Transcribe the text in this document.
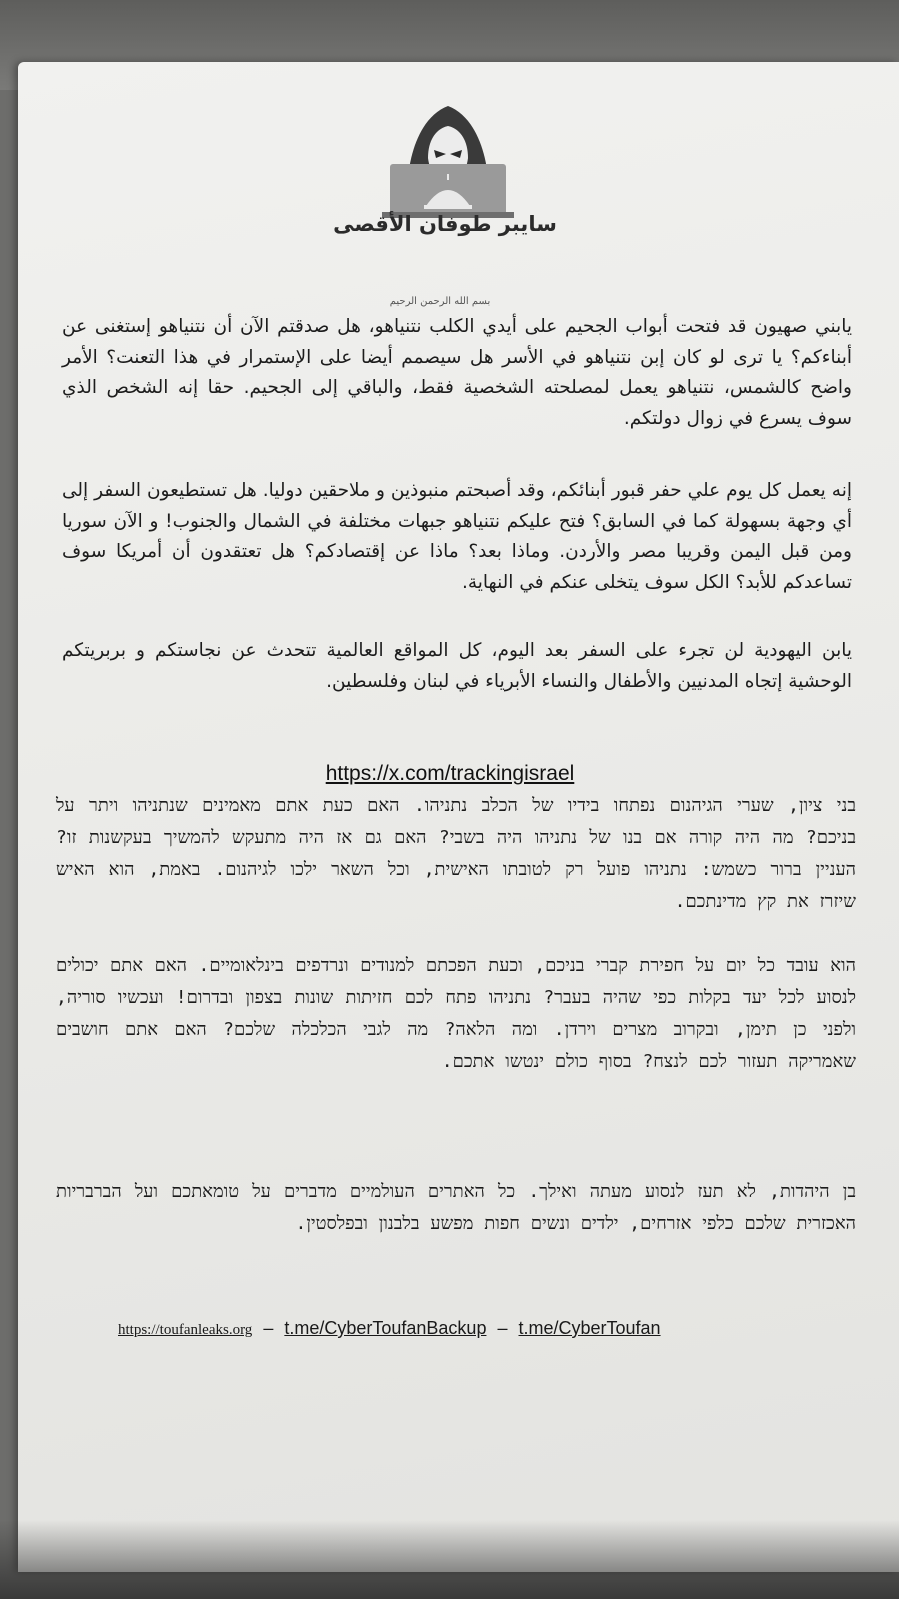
سايبر طوفان الأقصى
بسم الله الرحمن الرحيم
يابني صهيون قد فتحت أبواب الجحيم على أيدي الكلب نتنياهو، هل صدقتم الآن أن نتنياهو إستغنى عن أبناءكم؟ يا ترى لو كان إبن نتنياهو في الأسر هل سيصمم أيضا على الإستمرار في هذا التعنت؟ الأمر واضح كالشمس، نتنياهو يعمل لمصلحته الشخصية فقط، والباقي إلى الجحيم. حقا إنه الشخص الذي سوف يسرع في زوال دولتكم.
إنه يعمل كل يوم علي حفر قبور أبنائكم، وقد أصبحتم منبوذين و ملاحقين دوليا. هل تستطيعون السفر إلى أي وجهة بسهولة كما في السابق؟ فتح عليكم نتنياهو جبهات مختلفة في الشمال والجنوب! و الآن سوريا ومن قبل اليمن وقريبا مصر والأردن. وماذا بعد؟ ماذا عن إقتصادكم؟ هل تعتقدون أن أمريكا سوف تساعدكم للأبد؟ الكل سوف يتخلى عنكم في النهاية.
يابن اليهودية لن تجرء على السفر بعد اليوم، كل المواقع العالمية تتحدث عن نجاستكم و بربريتكم الوحشية إتجاه المدنيين والأطفال والنساء الأبرياء في لبنان وفلسطين.
https://x.com/trackingisrael
בני ציון, שערי הגיהנום נפתחו בידיו של הכלב נתניהו. האם כעת אתם מאמינים שנתניהו ויתר על בניכם? מה היה קורה אם בנו של נתניהו היה בשבי? האם גם אז היה מתעקש להמשיך בעקשנות זו? העניין ברור כשמש: נתניהו פועל רק לטובתו האישית, וכל השאר ילכו לגיהנום. באמת, הוא האיש שיזרז את קץ מדינתכם.
הוא עובד כל יום על חפירת קברי בניכם, וכעת הפכתם למנודים ונרדפים בינלאומיים. האם אתם יכולים לנסוע לכל יעד בקלות כפי שהיה בעבר? נתניהו פתח לכם חזיתות שונות בצפון ובדרום! ועכשיו סוריה, ולפני כן תימן, ובקרוב מצרים וירדן. ומה הלאה? מה לגבי הכלכלה שלכם? האם אתם חושבים שאמריקה תעזור לכם לנצח? בסוף כולם ינטשו אתכם.
בן היהדות, לא תעז לנסוע מעתה ואילך. כל האתרים העולמיים מדברים על טומאתכם ועל הברבריות האכזרית שלכם כלפי אזרחים, ילדים ונשים חפות מפשע בלבנון ובפלסטין.
https://toufanleaks.org – t.me/CyberToufanBackup – t.me/CyberToufan
